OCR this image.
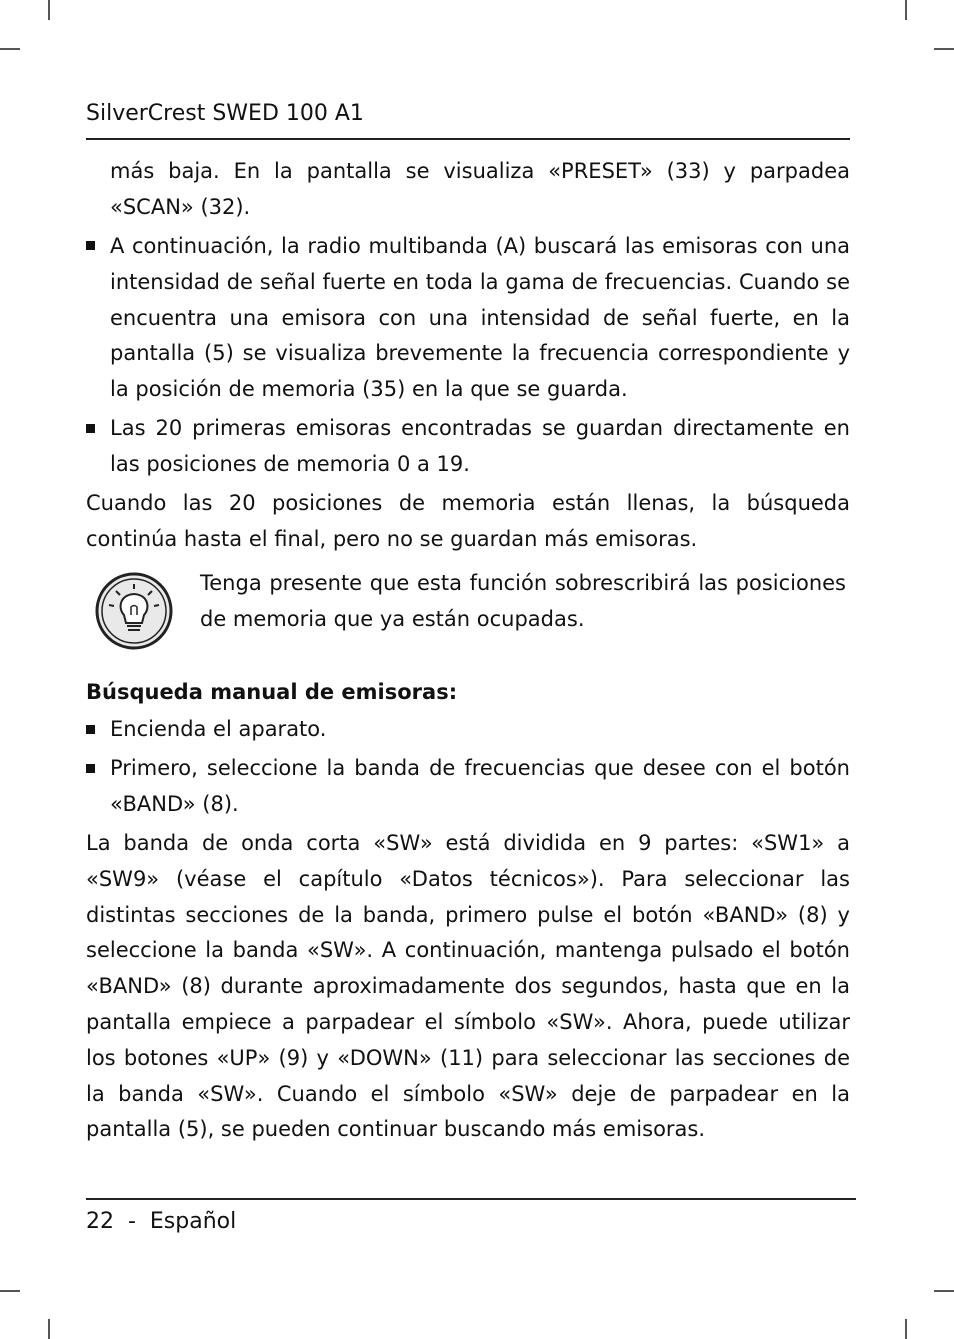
SilverCrest SWED 100 A1
más baja. En la pantalla se visualiza «PRESET» (33) y parpadea «SCAN» (32).
A continuación, la radio multibanda (A) buscará las emisoras con una intensidad de señal fuerte en toda la gama de frecuencias. Cuando se encuentra una emisora con una intensidad de señal fuerte, en la pantalla (5) se visualiza brevemente la frecuencia correspondiente y la posición de memoria (35) en la que se guarda.
Las 20 primeras emisoras encontradas se guardan directamente en las posiciones de memoria 0 a 19.
Cuando las 20 posiciones de memoria están llenas, la búsqueda continúa hasta el final, pero no se guardan más emisoras.
Tenga presente que esta función sobrescribirá las posiciones de memoria que ya están ocupadas.
Búsqueda manual de emisoras:
Encienda el aparato.
Primero, seleccione la banda de frecuencias que desee con el botón «BAND» (8).
La banda de onda corta «SW» está dividida en 9 partes: «SW1» a «SW9» (véase el capítulo «Datos técnicos»). Para seleccionar las distintas secciones de la banda, primero pulse el botón «BAND» (8) y seleccione la banda «SW». A continuación, mantenga pulsado el botón «BAND» (8) durante aproximadamente dos segundos, hasta que en la pantalla empiece a parpadear el símbolo «SW». Ahora, puede utilizar los botones «UP» (9) y «DOWN» (11) para seleccionar las secciones de la banda «SW». Cuando el símbolo «SW» deje de parpadear en la pantalla (5), se pueden continuar buscando más emisoras.
22  -  Español
